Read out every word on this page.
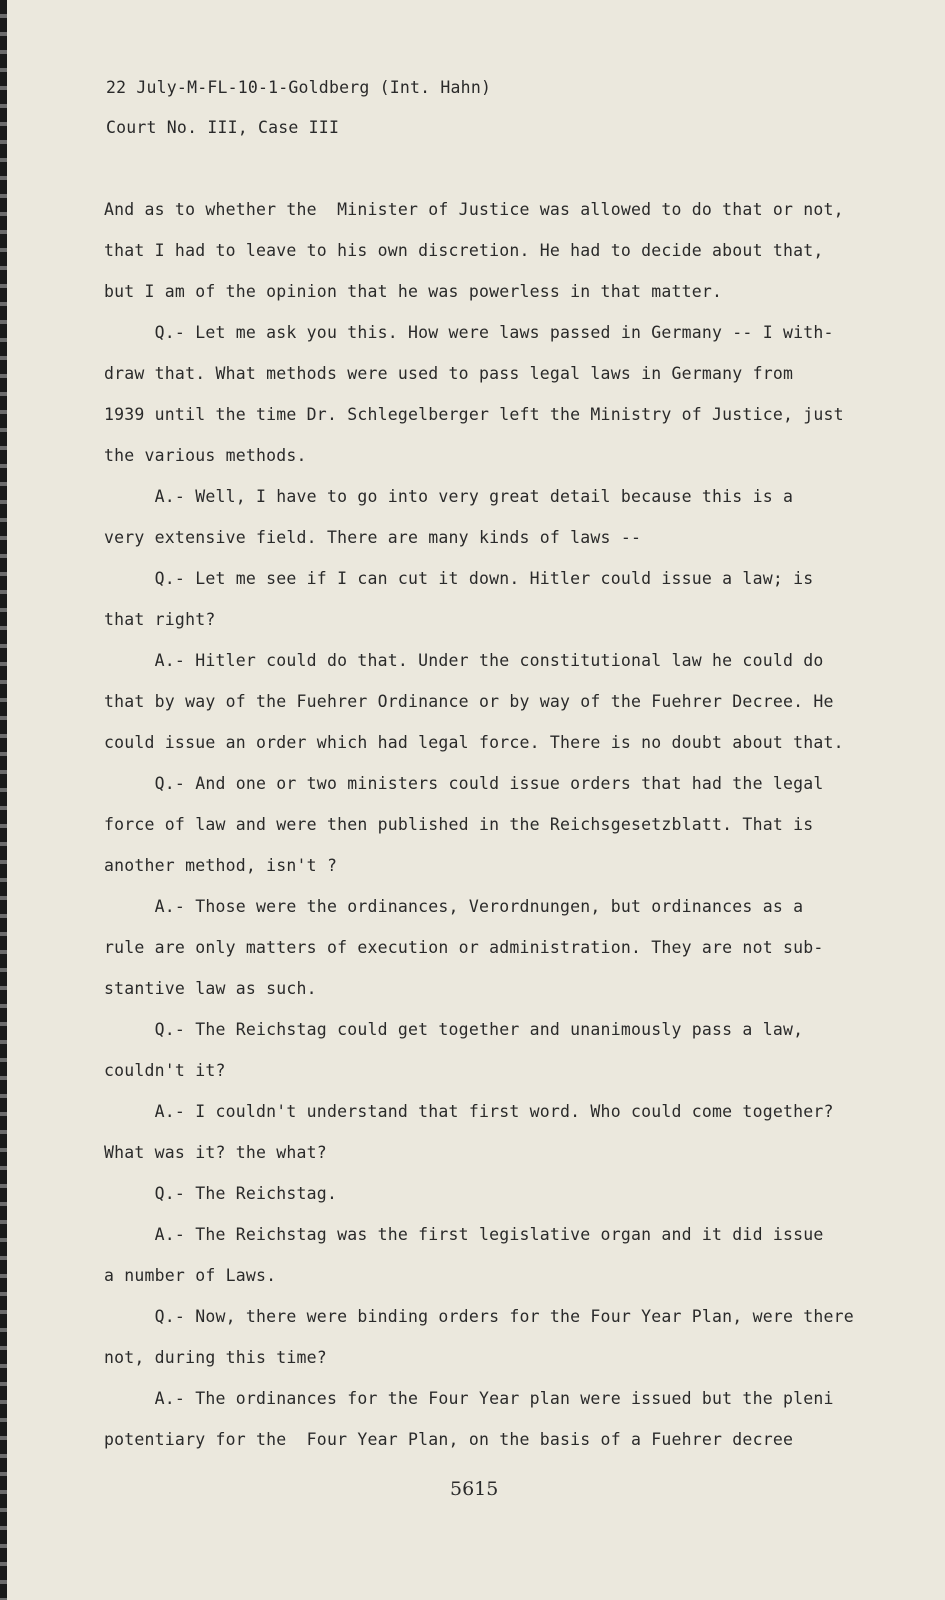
22 July-M-FL-10-1-Goldberg (Int. Hahn)
Court No. III, Case III
And as to whether the  Minister of Justice was allowed to do that or not,
that I had to leave to his own discretion. He had to decide about that,
but I am of the opinion that he was powerless in that matter.
Q.- Let me ask you this. How were laws passed in Germany -- I with-
draw that. What methods were used to pass legal laws in Germany from
1939 until the time Dr. Schlegelberger left the Ministry of Justice, just
the various methods.
A.- Well, I have to go into very great detail because this is a
very extensive field. There are many kinds of laws --
Q.- Let me see if I can cut it down. Hitler could issue a law; is
that right?
A.- Hitler could do that. Under the constitutional law he could do
that by way of the Fuehrer Ordinance or by way of the Fuehrer Decree. He
could issue an order which had legal force. There is no doubt about that.
Q.- And one or two ministers could issue orders that had the legal
force of law and were then published in the Reichsgesetzblatt. That is
another method, isn't ?
A.- Those were the ordinances, Verordnungen, but ordinances as a
rule are only matters of execution or administration. They are not sub-
stantive law as such.
Q.- The Reichstag could get together and unanimously pass a law,
couldn't it?
A.- I couldn't understand that first word. Who could come together?
What was it? the what?
Q.- The Reichstag.
A.- The Reichstag was the first legislative organ and it did issue
a number of Laws.
Q.- Now, there were binding orders for the Four Year Plan, were there
not, during this time?
A.- The ordinances for the Four Year plan were issued but the pleni
potentiary for the  Four Year Plan, on the basis of a Fuehrer decree
5615
